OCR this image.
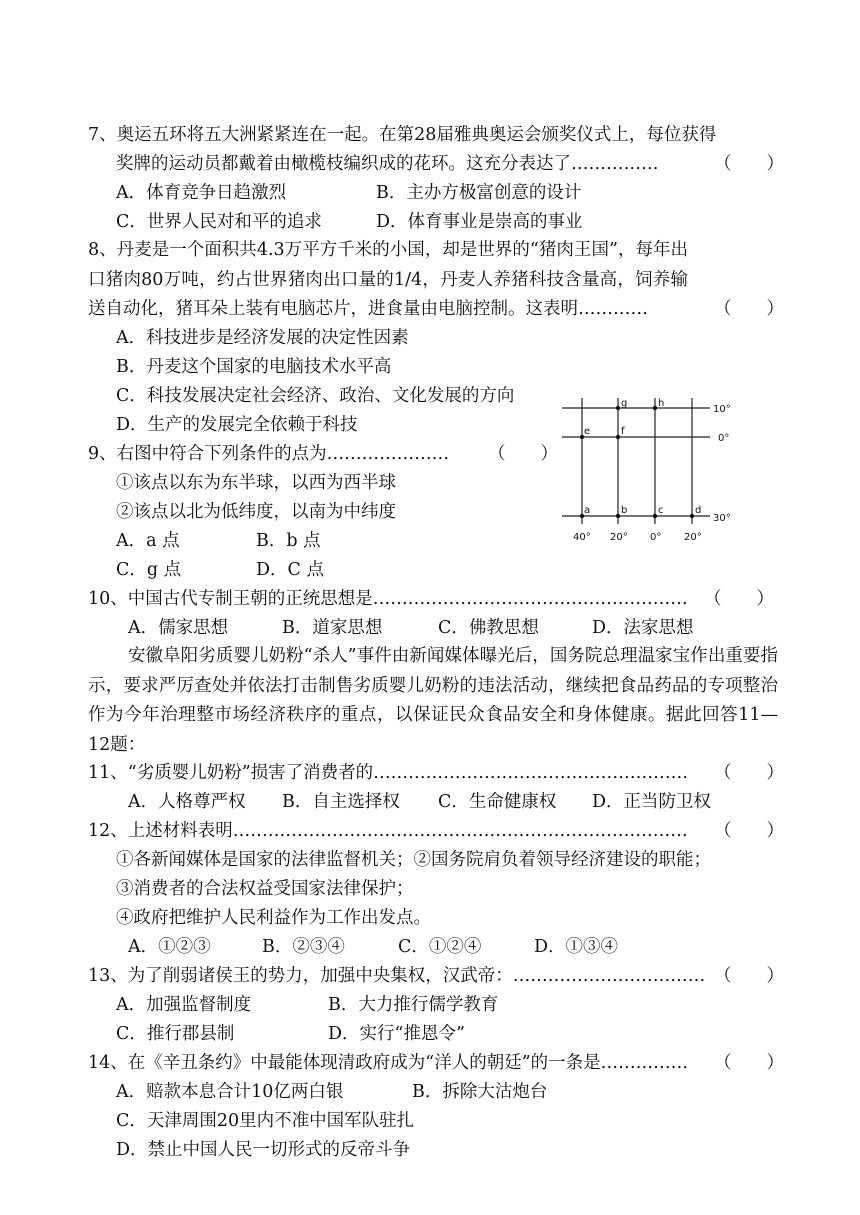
7、奥运五环将五大洲紧紧连在一起。在第28届雅典奥运会颁奖仪式上，每位获得
奖牌的运动员都戴着由橄榄枝编织成的花环。这充分表达了……………	（　　）
A．体育竞争日趋激烈	B．主办方极富创意的设计
C．世界人民对和平的追求	D．体育事业是崇高的事业
8、丹麦是一个面积共4.3万平方千米的小国，却是世界的“猪肉王国”，每年出口猪肉80万吨，约占世界猪肉出口量的1/4，丹麦人养猪科技含量高，饲养输送自动化，猪耳朵上装有电脑芯片，进食量由电脑控制。这表明…………	（　　）
A．科技进步是经济发展的决定性因素
B．丹麦这个国家的电脑技术水平高
C．科技发展决定社会经济、政治、文化发展的方向
D．生产的发展完全依赖于科技
9、右图中符合下列条件的点为………………… （　　）
①该点以东为东半球，以西为西半球
②该点以北为低纬度，以南为中纬度
A．a 点	B．b 点
C．g 点	D．C 点
g	h
e	f
a	b	c	d
10°
0°
30°
40° 20° 0° 20°
10、中国古代专制王朝的正统思想是……………………………………………… （　　）
A．儒家思想	B．道家思想	C．佛教思想	D．法家思想
安徽阜阳劣质婴儿奶粉“杀人”事件由新闻媒体曝光后，国务院总理温家宝作出重要指示，要求严厉查处并依法打击制售劣质婴儿奶粉的违法活动，继续把食品药品的专项整治作为今年治理整市场经济秩序的重点，以保证民众食品安全和身体健康。据此回答11—12题：
11、“劣质婴儿奶粉”损害了消费者的……………………………………………… （　　）
A．人格尊严权 B．自主选择权 C．生命健康权 D．正当防卫权
12、上述材料表明…………………………………………………………………… （　　）
①各新闻媒体是国家的法律监督机关；②国务院肩负着领导经济建设的职能；
③消费者的合法权益受国家法律保护；
④政府把维护人民利益作为工作出发点。
A．①②③	B．②③④	C．①②④	D．①③④
13、为了削弱诸侯王的势力，加强中央集权，汉武帝：…………………………… （　　）
A．加强监督制度	B．大力推行儒学教育
C．推行郡县制	D．实行“推恩令”
14、在《辛丑条约》中最能体现清政府成为“洋人的朝廷”的一条是…………… （　　）
A．赔款本息合计10亿两白银	B．拆除大沽炮台
C．天津周围20里内不准中国军队驻扎
D．禁止中国人民一切形式的反帝斗争
